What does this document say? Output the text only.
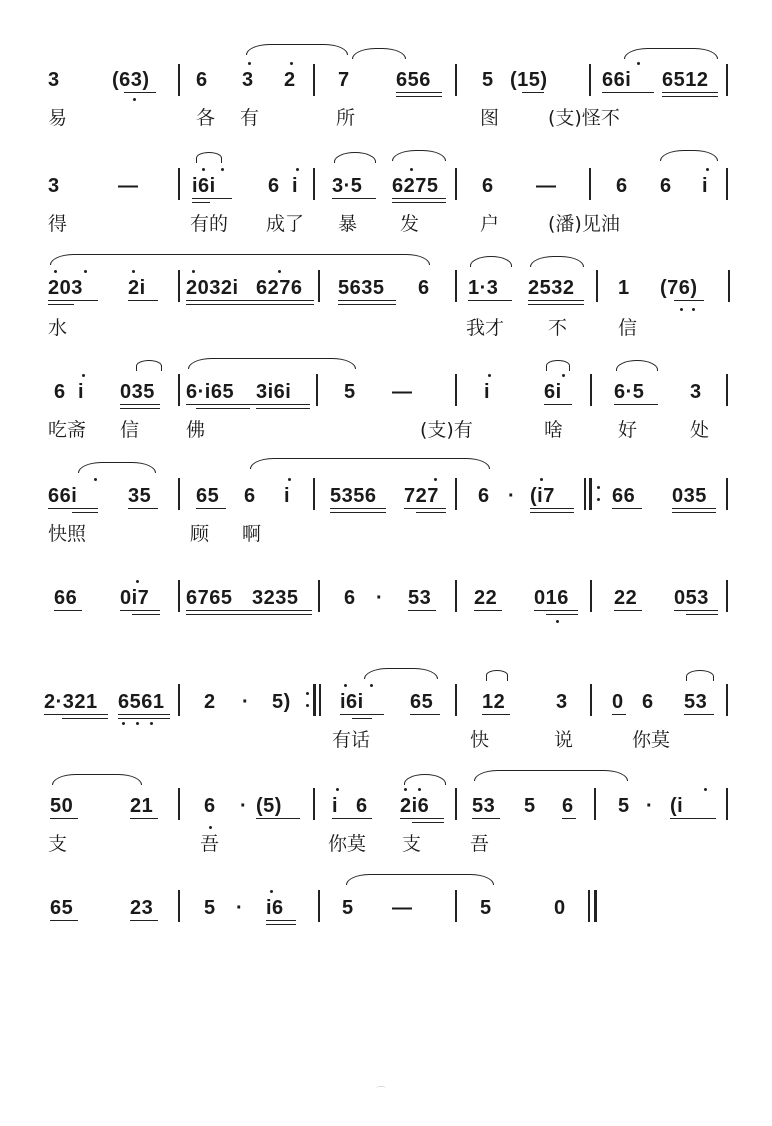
3	(63) 6 3 2 7 656	5 (15)	66i 6512
易	各 有	所	图	(支)怪不
3	—	i6i	6 i 3·5 6275 6 —	6 6 i
得	有的 成了 暴 发	户	(潘)见油
203 2i 2032i 6276 5635 6 1·3 2532 1 (76)
水	我才 不	信
6 i 035 6·i65 3i6i	5 —	i	6i	6·5 3
吃斋 信 佛	(支)有	啥	好	处
66i	35 65 6 i 5356 727 6 · (i7	66 035
快照	顾 啊
66 0i7 6765 3235 6 · 53 22 016 22 053
2·321 6561 2 · 5) i6i 65 12	3 0 6 53
有话	快	说	你莫
50	21	6 · (5)	i 6 2i6 53 5 6 5 · (i
支	吾	你莫 支	吾
65	23	5 · i6	5 —	5	0
⌒
